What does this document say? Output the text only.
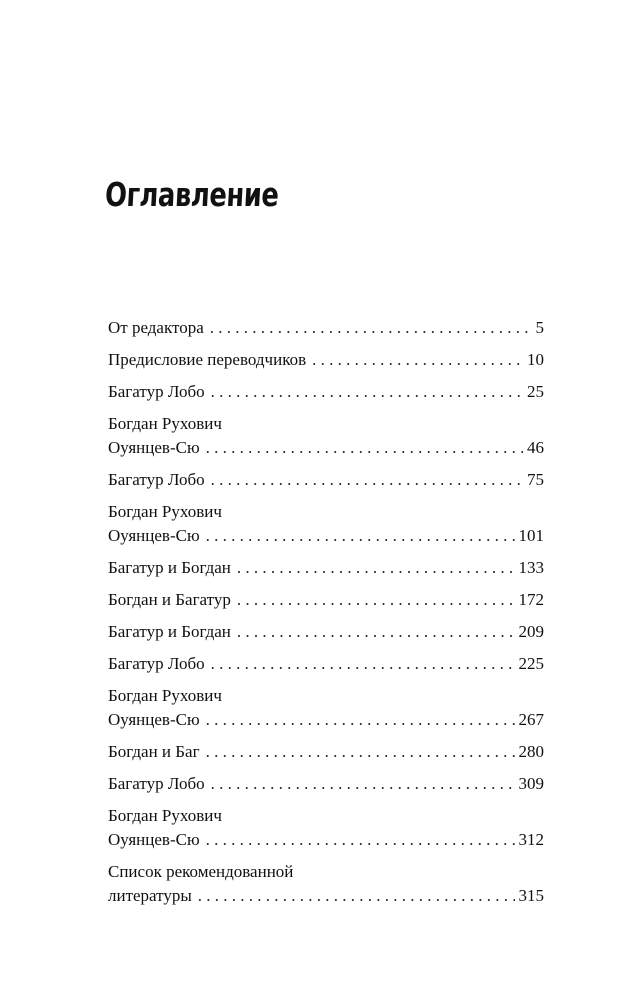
Оглавление
От редактора . . .	5
Предисловие переводчиков . . .	10
Багатур Лобо . . .	25
Богдан Рухович
Оуянцев-Сю . . .	46
Багатур Лобо . . .	75
Богдан Рухович
Оуянцев-Сю . . .	101
Багатур и Богдан . . .	133
Богдан и Багатур . . .	172
Багатур и Богдан . . .	209
Багатур Лобо . . .	225
Богдан Рухович
Оуянцев-Сю . . .	267
Богдан и Баг . . .	280
Багатур Лобо . . .	309
Богдан Рухович
Оуянцев-Сю . . .	312
Список рекомендованной
литературы . . .	315
